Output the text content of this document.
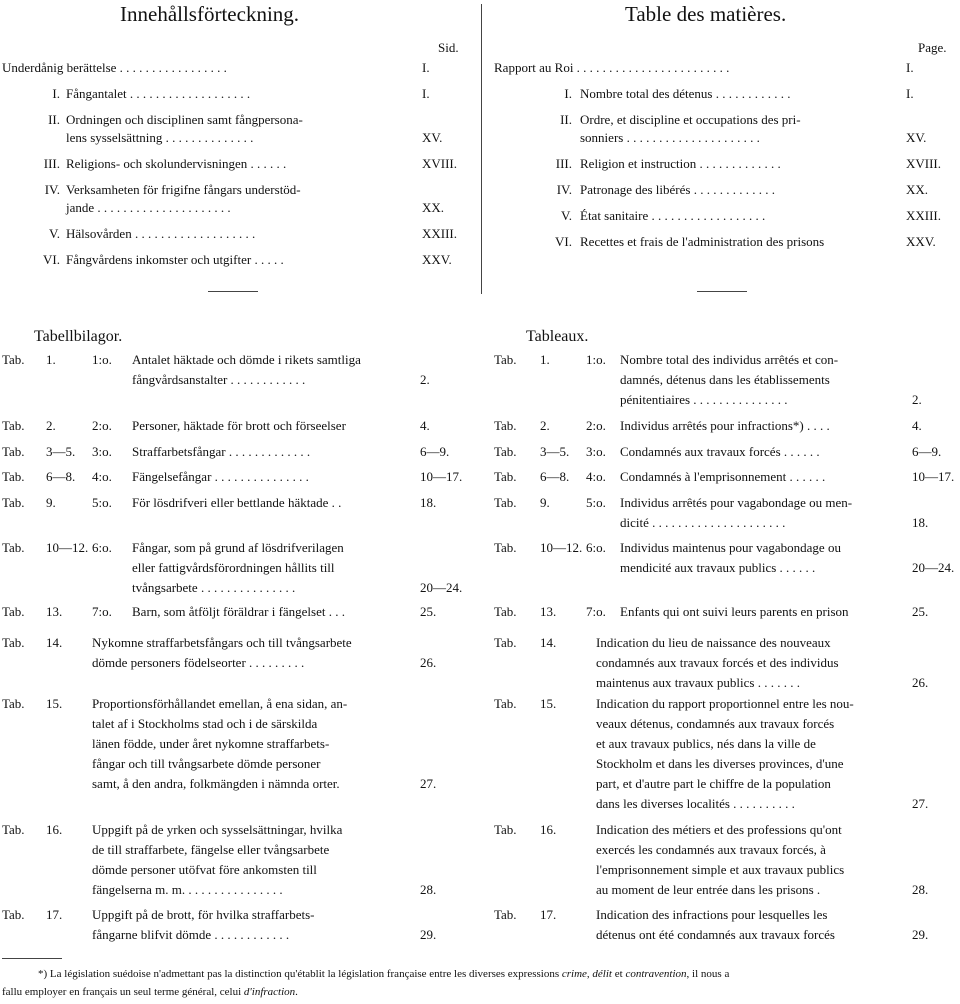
Innehållsförteckning.
Sid.
Underdånig berättelse . . . . . . . . . . . . . . . . .	I.
I. Fångantalet . . . . . . . . . . . . . . . . . . .	I.
II. Ordningen och disciplinen samt fångpersona-
lens sysselsättning . . . . . . . . . . . . . .	XV.
III. Religions- och skolundervisningen . . . . . .	XVIII.
IV. Verksamheten för frigifne fångars understöd-
jande . . . . . . . . . . . . . . . . . . . . .	XX.
V. Hälsovården . . . . . . . . . . . . . . . . . . .	XXIII.
VI. Fångvårdens inkomster och utgifter . . . . .	XXV.
Table des matières.
Page.
Rapport au Roi . . . . . . . . . . . . . . . . . . . . . . . .	I.
I. Nombre total des détenus . . . . . . . . . . . .	I.
II. Ordre, et discipline et occupations des pri-
sonniers . . . . . . . . . . . . . . . . . . . . .	XV.
III. Religion et instruction . . . . . . . . . . . . .	XVIII.
IV. Patronage des libérés . . . . . . . . . . . . .	XX.
V. État sanitaire . . . . . . . . . . . . . . . . . .	XXIII.
VI. Recettes et frais de l'administration des prisons	XXV.
Tabellbilagor.	Tableaux.
Tab. 1.	1:o. Antalet häktade och dömde i rikets samtliga
fångvårdsanstalter . . . . . . . . . . . .	2.
Tab. 2.	2:o. Personer, häktade för brott och förseelser	4.
Tab. 3—5. 3:o. Straffarbetsfångar . . . . . . . . . . . . .	6—9.
Tab. 6—8. 4:o. Fängelsefångar . . . . . . . . . . . . . . .	10—17.
Tab. 9.	5:o. För lösdrifveri eller bettlande häktade . .	18.
Tab. 10—12. 6:o. Fångar, som på grund af lösdrifverilagen
eller fattigvårdsförordningen hållits till
tvångsarbete . . . . . . . . . . . . . . .	20—24.
Tab. 13. 7:o. Barn, som åtföljt föräldrar i fängelset . . .	25.
Tab. 14. Nykomne straffarbetsfångars och till tvångsarbete
dömde personers födelseorter . . . . . . . . .	26.
Tab. 15. Proportionsförhållandet emellan, å ena sidan, an-
talet af i Stockholms stad och i de särskilda
länen födde, under året nykomne straffarbets-
fångar och till tvångsarbete dömde personer
samt, å den andra, folkmängden i nämnda orter.	27.
Tab. 16. Uppgift på de yrken och sysselsättningar, hvilka
de till straffarbete, fängelse eller tvångsarbete
dömde personer utöfvat före ankomsten till
fängelserna m. m. . . . . . . . . . . . . . . .	28.
Tab. 17. Uppgift på de brott, för hvilka straffarbets-
fångarne blifvit dömde . . . . . . . . . . . .	29.
Tab. 1.	1:o. Nombre total des individus arrêtés et con-
damnés, détenus dans les établissements
pénitentiaires . . . . . . . . . . . . . . .	2.
Tab. 2.	2:o. Individus arrêtés pour infractions*) . . . .	4.
Tab. 3—5. 3:o. Condamnés aux travaux forcés . . . . . .	6—9.
Tab. 6—8. 4:o. Condamnés à l'emprisonnement . . . . . .	10—17.
Tab. 9.	5:o. Individus arrêtés pour vagabondage ou men-
dicité . . . . . . . . . . . . . . . . . . . . .	18.
Tab. 10—12. 6:o. Individus maintenus pour vagabondage ou
mendicité aux travaux publics . . . . . .	20—24.
Tab. 13. 7:o. Enfants qui ont suivi leurs parents en prison	25.
Tab. 14.	Indication du lieu de naissance des nouveaux
condamnés aux travaux forcés et des individus
maintenus aux travaux publics . . . . . . .	26.
Tab. 15.	Indication du rapport proportionnel entre les nou-
veaux détenus, condamnés aux travaux forcés
et aux travaux publics, nés dans la ville de
Stockholm et dans les diverses provinces, d'une
part, et d'autre part le chiffre de la population
dans les diverses localités . . . . . . . . . .	27.
Tab. 16.	Indication des métiers et des professions qu'ont
exercés les condamnés aux travaux forcés, à
l'emprisonnement simple et aux travaux publics
au moment de leur entrée dans les prisons .	28.
Tab. 17.	Indication des infractions pour lesquelles les
détenus ont été condamnés aux travaux forcés	29.
*) La législation suédoise n'admettant pas la distinction qu'établit la législation française entre les diverses expressions crime, délit et contravention, il nous a
fallu employer en français un seul terme général, celui d'infraction.
